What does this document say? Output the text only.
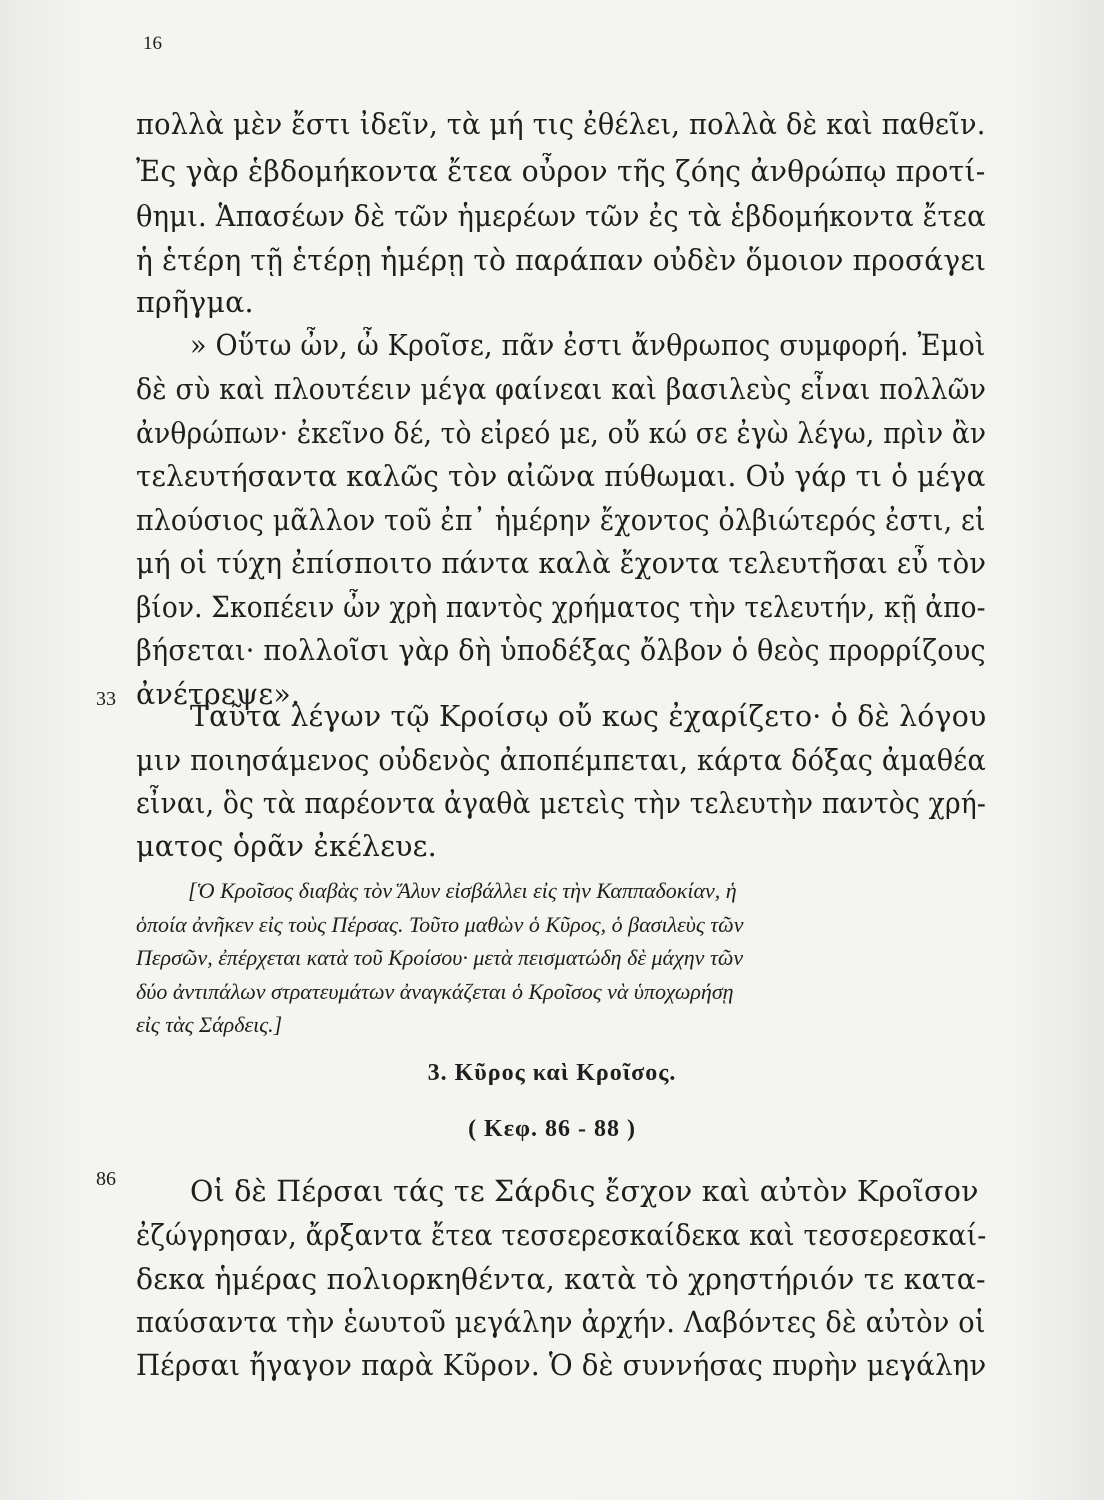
16
πολλὰ μὲν ἔστι ἰδεῖν, τὰ μή τις ἐθέλει, πολλὰ δὲ καὶ παθεῖν.
Ἐς γὰρ ἑβδομήκοντα ἔτεα οὖρον τῆς ζόης ἀνθρώπῳ προτί-
θημι. Ἁπασέων δὲ τῶν ἡμερέων τῶν ἐς τὰ ἑβδομήκοντα ἔτεα
ἡ ἑτέρη τῇ ἑτέρῃ ἡμέρῃ τὸ παράπαν οὐδὲν ὅμοιον προσάγει
πρῆγμα.
» Οὕτω ὦν, ὦ Κροῖσε, πᾶν ἐστι ἄνθρωπος συμφορή. Ἐμοὶ
δὲ σὺ καὶ πλουτέειν μέγα φαίνεαι καὶ βασιλεὺς εἶναι πολλῶν
ἀνθρώπων· ἐκεῖνο δέ, τὸ εἰρεό με, οὔ κώ σε ἐγὼ λέγω, πρὶν ἂν
τελευτήσαντα καλῶς τὸν αἰῶνα πύθωμαι. Οὐ γάρ τι ὁ μέγα
πλούσιος μᾶλλον τοῦ ἐπ᾽ ἡμέρην ἔχοντος ὀλβιώτερός ἐστι, εἰ
μή οἱ τύχη ἐπίσποιτο πάντα καλὰ ἔχοντα τελευτῆσαι εὖ τὸν
βίον. Σκοπέειν ὦν χρὴ παντὸς χρήματος τὴν τελευτήν, κῇ ἀπο-
βήσεται· πολλοῖσι γὰρ δὴ ὑποδέξας ὄλβον ὁ θεὸς προρρίζους
ἀνέτρεψε».
33
Ταῦτα λέγων τῷ Κροίσῳ οὔ κως ἐχαρίζετο· ὁ δὲ λόγου
μιν ποιησάμενος οὐδενὸς ἀποπέμπεται, κάρτα δόξας ἀμαθέα
εἶναι, ὃς τὰ παρέοντα ἀγαθὰ μετεὶς τὴν τελευτὴν παντὸς χρή-
ματος ὁρᾶν ἐκέλευε.
[Ὁ Κροῖσος διαβὰς τὸν Ἅλυν εἰσβάλλει εἰς τὴν Καππαδοκίαν, ἡ
ὁποία ἀνῆκεν εἰς τοὺς Πέρσας. Τοῦτο μαθὼν ὁ Κῦρος, ὁ βασιλεὺς τῶν
Περσῶν, ἐπέρχεται κατὰ τοῦ Κροίσου· μετὰ πεισματώδη δὲ μάχην τῶν
δύο ἀντιπάλων στρατευμάτων ἀναγκάζεται ὁ Κροῖσος νὰ ὑποχωρήσῃ
εἰς τὰς Σάρδεις.]
3. Κῦρος καὶ Κροῖσος.
( Κεφ. 86 - 88 )
86	Οἱ δὲ Πέρσαι τάς τε Σάρδις ἔσχον καὶ αὐτὸν Κροῖσον
ἐζώγρησαν, ἄρξαντα ἔτεα τεσσερεσκαίδεκα καὶ τεσσερεσκαί-
δεκα ἡμέρας πολιορκηθέντα, κατὰ τὸ χρηστήριόν τε κατα-
παύσαντα τὴν ἑωυτοῦ μεγάλην ἀρχήν. Λαβόντες δὲ αὐτὸν οἱ
Πέρσαι ἤγαγον παρὰ Κῦρον. Ὁ δὲ συννήσας πυρὴν μεγάλην
